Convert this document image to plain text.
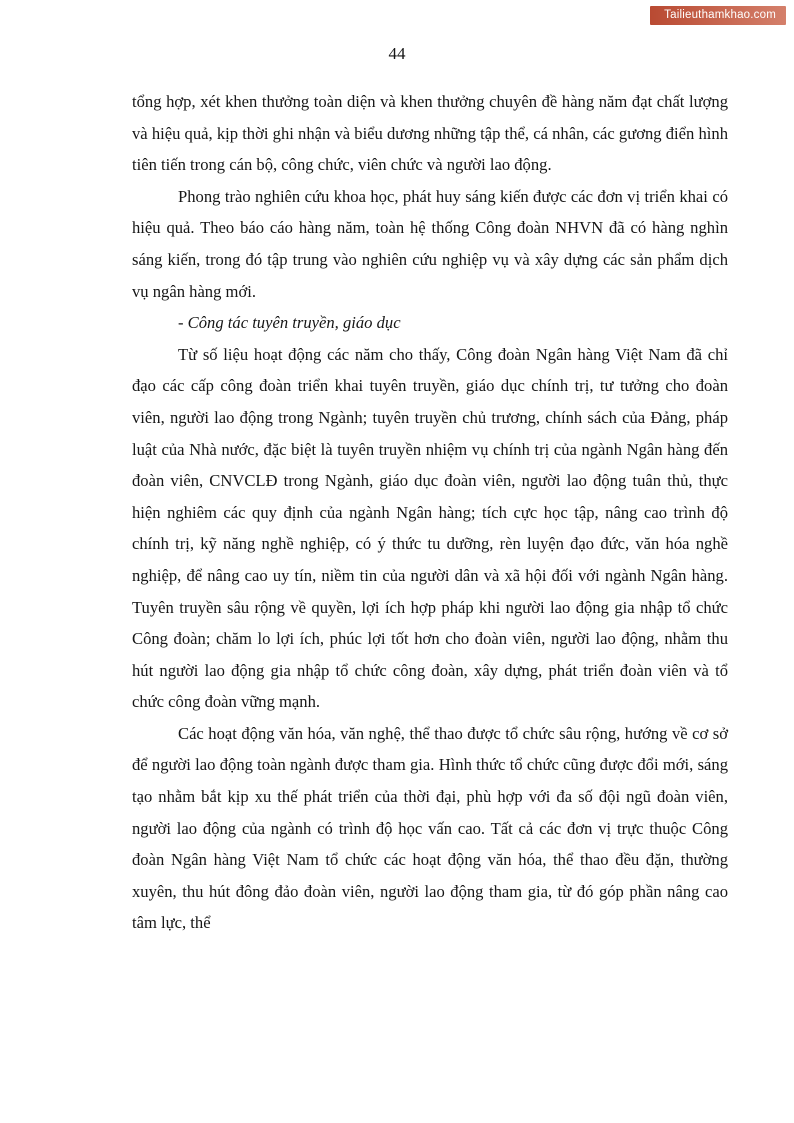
Tailieuthamkhao.com
44

tổng hợp, xét khen thưởng toàn diện và khen thưởng chuyên đề hàng năm đạt chất lượng và hiệu quả, kịp thời ghi nhận và biểu dương những tập thể, cá nhân, các gương điển hình tiên tiến trong cán bộ, công chức, viên chức và người lao động.

Phong trào nghiên cứu khoa học, phát huy sáng kiến được các đơn vị triển khai có hiệu quả. Theo báo cáo hàng năm, toàn hệ thống Công đoàn NHVN đã có hàng nghìn sáng kiến, trong đó tập trung vào nghiên cứu nghiệp vụ và xây dựng các sản phẩm dịch vụ ngân hàng mới.

- Công tác tuyên truyền, giáo dục

Từ số liệu hoạt động các năm cho thấy, Công đoàn Ngân hàng Việt Nam đã chỉ đạo các cấp công đoàn triển khai tuyên truyền, giáo dục chính trị, tư tưởng cho đoàn viên, người lao động trong Ngành; tuyên truyền chủ trương, chính sách của Đảng, pháp luật của Nhà nước, đặc biệt là tuyên truyền nhiệm vụ chính trị của ngành Ngân hàng đến đoàn viên, CNVCLĐ trong Ngành, giáo dục đoàn viên, người lao động tuân thủ, thực hiện nghiêm các quy định của ngành Ngân hàng; tích cực học tập, nâng cao trình độ chính trị, kỹ năng nghề nghiệp, có ý thức tu dưỡng, rèn luyện đạo đức, văn hóa nghề nghiệp, để nâng cao uy tín, niềm tin của người dân và xã hội đối với ngành Ngân hàng. Tuyên truyền sâu rộng về quyền, lợi ích hợp pháp khi người lao động gia nhập tổ chức Công đoàn; chăm lo lợi ích, phúc lợi tốt hơn cho đoàn viên, người lao động, nhằm thu hút người lao động gia nhập tổ chức công đoàn, xây dựng, phát triển đoàn viên và tổ chức công đoàn vững mạnh.

Các hoạt động văn hóa, văn nghệ, thể thao được tổ chức sâu rộng, hướng về cơ sở để người lao động toàn ngành được tham gia. Hình thức tổ chức cũng được đổi mới, sáng tạo nhằm bắt kịp xu thế phát triển của thời đại, phù hợp với đa số đội ngũ đoàn viên, người lao động của ngành có trình độ học vấn cao. Tất cả các đơn vị trực thuộc Công đoàn Ngân hàng Việt Nam tổ chức các hoạt động văn hóa, thể thao đều đặn, thường xuyên, thu hút đông đảo đoàn viên, người lao động tham gia, từ đó góp phần nâng cao tâm lực, thể
